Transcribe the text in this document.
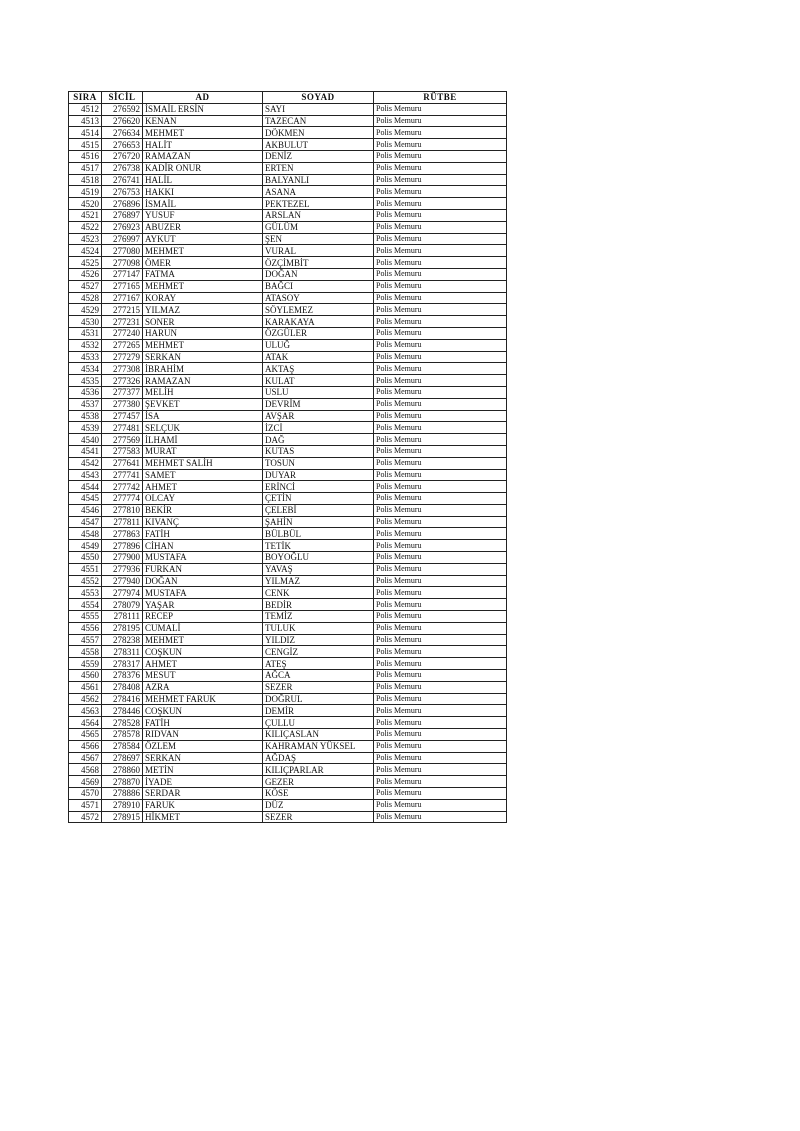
SIRA	SİCİL	AD	SOYAD	RÜTBE
4512	276592	İSMAİL ERSİN	SAYI	Polis Memuru
4513	276620	KENAN	TAZECAN	Polis Memuru
4514	276634	MEHMET	DÖKMEN	Polis Memuru
4515	276653	HALİT	AKBULUT	Polis Memuru
4516	276720	RAMAZAN	DENİZ	Polis Memuru
4517	276738	KADİR ONUR	ERTEN	Polis Memuru
4518	276741	HALİL	BALYANLI	Polis Memuru
4519	276753	HAKKI	ASANA	Polis Memuru
4520	276896	İSMAİL	PEKTEZEL	Polis Memuru
4521	276897	YUSUF	ARSLAN	Polis Memuru
4522	276923	ABUZER	GÜLÜM	Polis Memuru
4523	276997	AYKUT	ŞEN	Polis Memuru
4524	277080	MEHMET	VURAL	Polis Memuru
4525	277098	ÖMER	ÖZÇİMBİT	Polis Memuru
4526	277147	FATMA	DOĞAN	Polis Memuru
4527	277165	MEHMET	BAĞCI	Polis Memuru
4528	277167	KORAY	ATASOY	Polis Memuru
4529	277215	YILMAZ	SÖYLEMEZ	Polis Memuru
4530	277231	SONER	KARAKAYA	Polis Memuru
4531	277240	HARUN	ÖZGÜLER	Polis Memuru
4532	277265	MEHMET	ULUĞ	Polis Memuru
4533	277279	SERKAN	ATAK	Polis Memuru
4534	277308	İBRAHİM	AKTAŞ	Polis Memuru
4535	277326	RAMAZAN	KULAT	Polis Memuru
4536	277377	MELİH	USLU	Polis Memuru
4537	277380	ŞEVKET	DEVRİM	Polis Memuru
4538	277457	İSA	AVŞAR	Polis Memuru
4539	277481	SELÇUK	İZCİ	Polis Memuru
4540	277569	İLHAMİ	DAĞ	Polis Memuru
4541	277583	MURAT	KUTAS	Polis Memuru
4542	277641	MEHMET SALİH	TOSUN	Polis Memuru
4543	277741	SAMET	DUYAR	Polis Memuru
4544	277742	AHMET	ERİNCİ	Polis Memuru
4545	277774	OLCAY	ÇETİN	Polis Memuru
4546	277810	BEKİR	ÇELEBİ	Polis Memuru
4547	277811	KIVANÇ	ŞAHİN	Polis Memuru
4548	277863	FATİH	BÜLBÜL	Polis Memuru
4549	277896	CİHAN	TETİK	Polis Memuru
4550	277900	MUSTAFA	BOYOĞLU	Polis Memuru
4551	277936	FURKAN	YAVAŞ	Polis Memuru
4552	277940	DOĞAN	YILMAZ	Polis Memuru
4553	277974	MUSTAFA	CENK	Polis Memuru
4554	278079	YAŞAR	BEDİR	Polis Memuru
4555	278111	RECEP	TEMİZ	Polis Memuru
4556	278195	CUMALİ	TULUK	Polis Memuru
4557	278238	MEHMET	YILDIZ	Polis Memuru
4558	278311	COŞKUN	CENGİZ	Polis Memuru
4559	278317	AHMET	ATEŞ	Polis Memuru
4560	278376	MESUT	AĞCA	Polis Memuru
4561	278408	AZRA	SEZER	Polis Memuru
4562	278416	MEHMET FARUK	DOĞRUL	Polis Memuru
4563	278446	COŞKUN	DEMİR	Polis Memuru
4564	278528	FATİH	ÇULLU	Polis Memuru
4565	278578	RIDVAN	KILIÇASLAN	Polis Memuru
4566	278584	ÖZLEM	KAHRAMAN YÜKSEL	Polis Memuru
4567	278697	SERKAN	AĞDAŞ	Polis Memuru
4568	278860	METİN	KILIÇPARLAR	Polis Memuru
4569	278870	İYADE	GEZER	Polis Memuru
4570	278886	SERDAR	KÖSE	Polis Memuru
4571	278910	FARUK	DÜZ	Polis Memuru
4572	278915	HİKMET	SEZER	Polis Memuru
